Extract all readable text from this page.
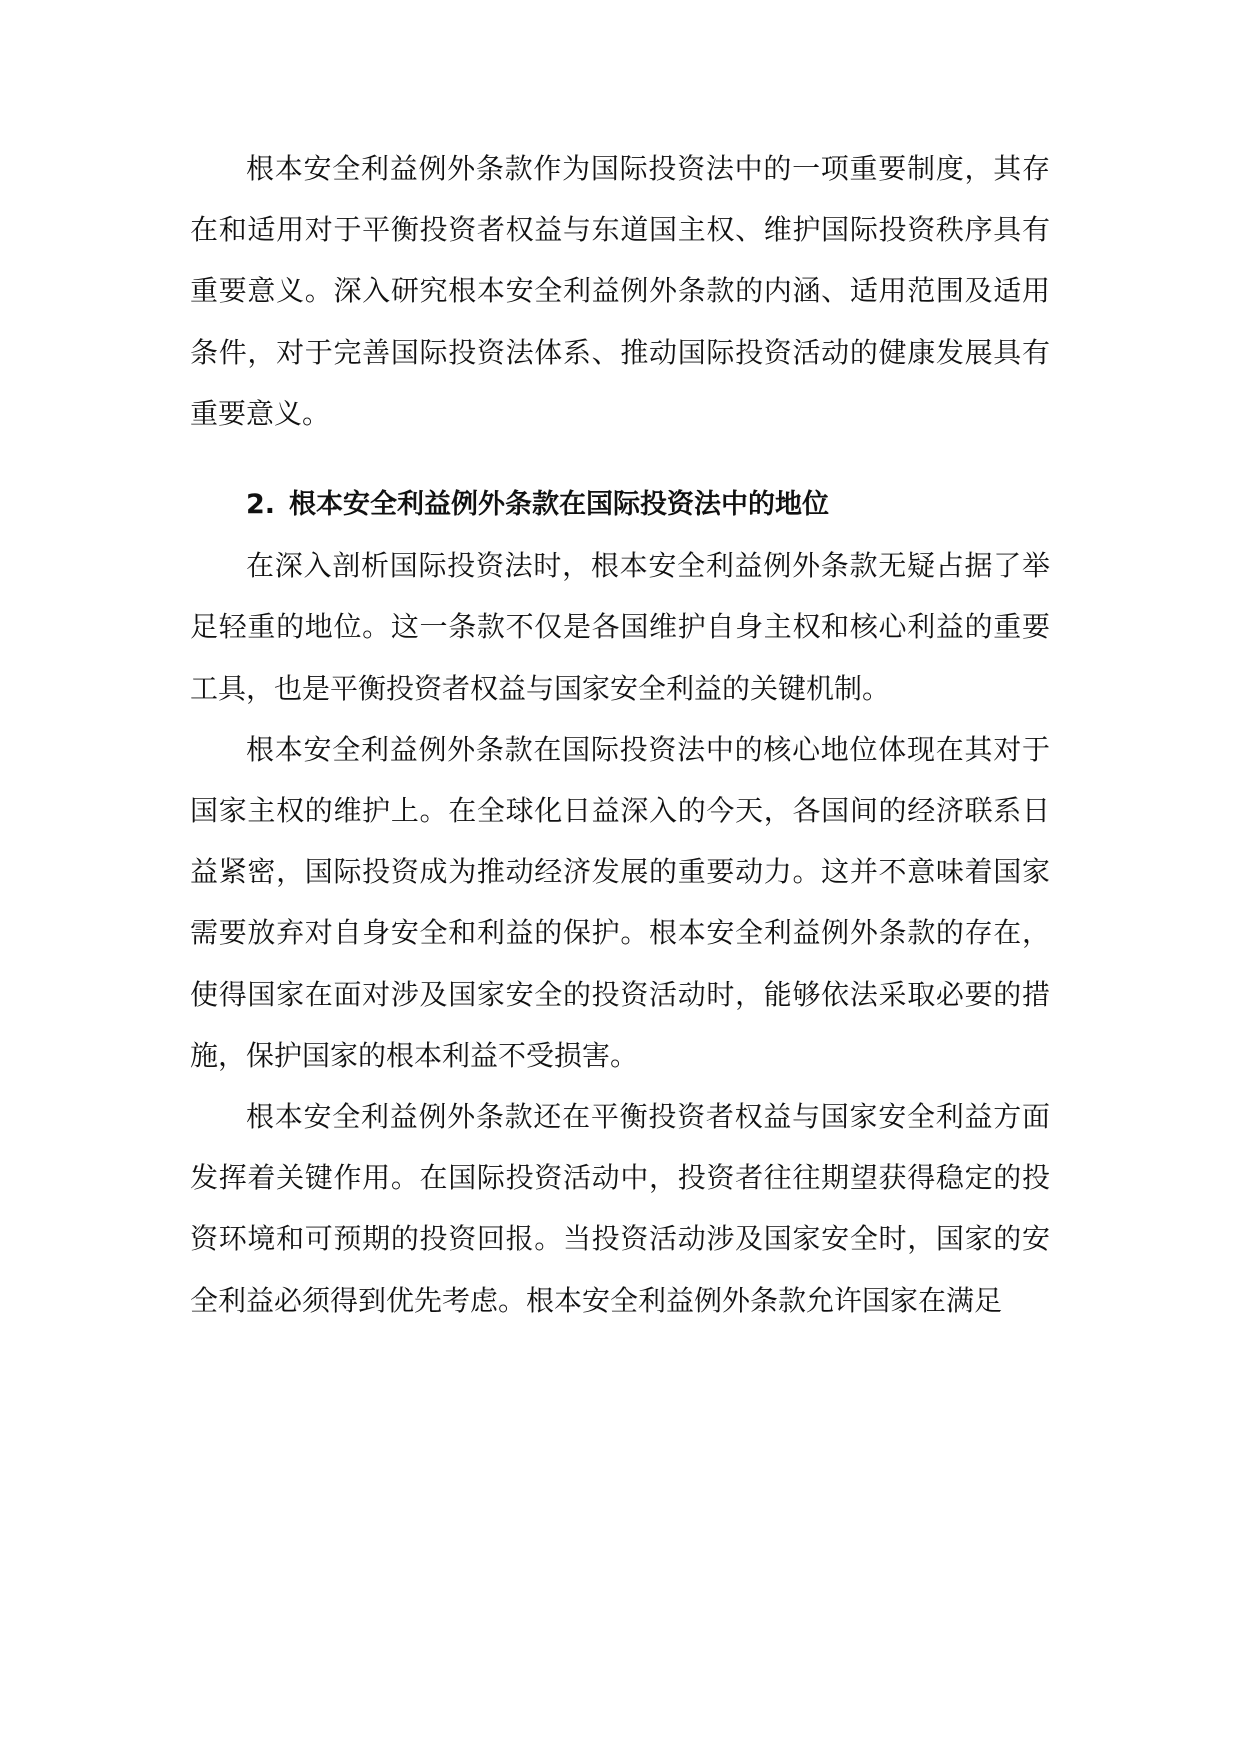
根本安全利益例外条款作为国际投资法中的一项重要制度，其存在和适用对于平衡投资者权益与东道国主权、维护国际投资秩序具有重要意义。深入研究根本安全利益例外条款的内涵、适用范围及适用条件，对于完善国际投资法体系、推动国际投资活动的健康发展具有重要意义。

2. 根本安全利益例外条款在国际投资法中的地位

在深入剖析国际投资法时，根本安全利益例外条款无疑占据了举足轻重的地位。这一条款不仅是各国维护自身主权和核心利益的重要工具，也是平衡投资者权益与国家安全利益的关键机制。

根本安全利益例外条款在国际投资法中的核心地位体现在其对于国家主权的维护上。在全球化日益深入的今天，各国间的经济联系日益紧密，国际投资成为推动经济发展的重要动力。这并不意味着国家需要放弃对自身安全和利益的保护。根本安全利益例外条款的存在，使得国家在面对涉及国家安全的投资活动时，能够依法采取必要的措施，保护国家的根本利益不受损害。

根本安全利益例外条款还在平衡投资者权益与国家安全利益方面发挥着关键作用。在国际投资活动中，投资者往往期望获得稳定的投资环境和可预期的投资回报。当投资活动涉及国家安全时，国家的安全利益必须得到优先考虑。根本安全利益例外条款允许国家在满足
